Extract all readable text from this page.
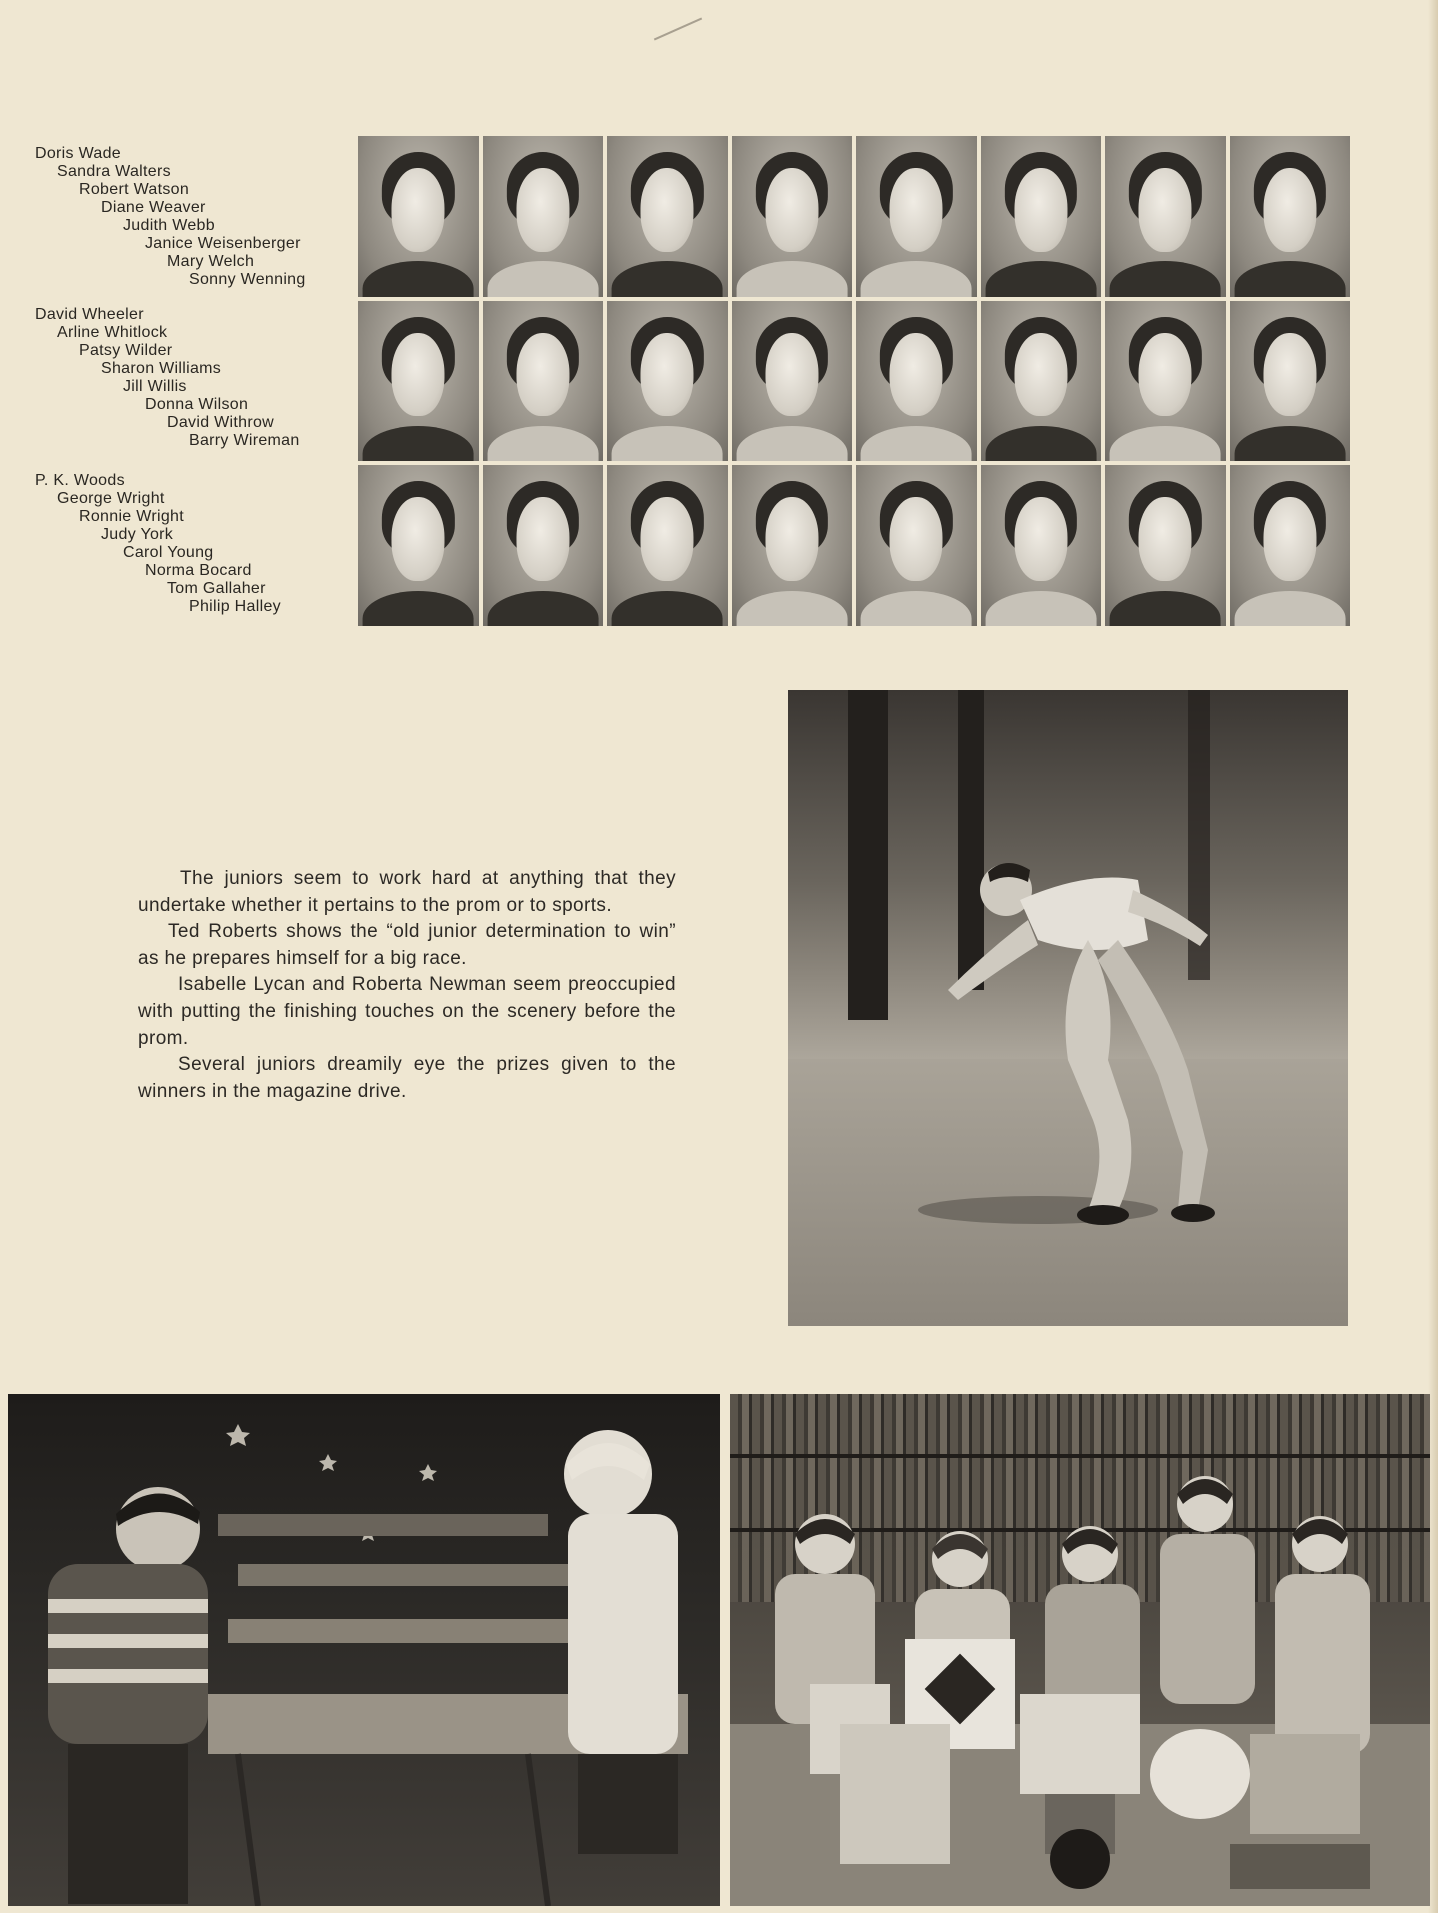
Doris Wade
Sandra Walters
Robert Watson
Diane Weaver
Judith Webb
Janice Weisenberger
Mary Welch
Sonny Wenning
David Wheeler
Arline Whitlock
Patsy Wilder
Sharon Williams
Jill Willis
Donna Wilson
David Withrow
Barry Wireman
P. K. Woods
George Wright
Ronnie Wright
Judy York
Carol Young
Norma Bocard
Tom Gallaher
Philip Halley

The juniors seem to work hard at anything that they undertake whether it pertains to the prom or to sports.

Ted Roberts shows the “old junior determination to win” as he prepares himself for a big race.

Isabelle Lycan and Roberta Newman seem preoccupied with putting the finishing touches on the scenery before the prom.

Several juniors dreamily eye the prizes given to the winners in the magazine drive.
